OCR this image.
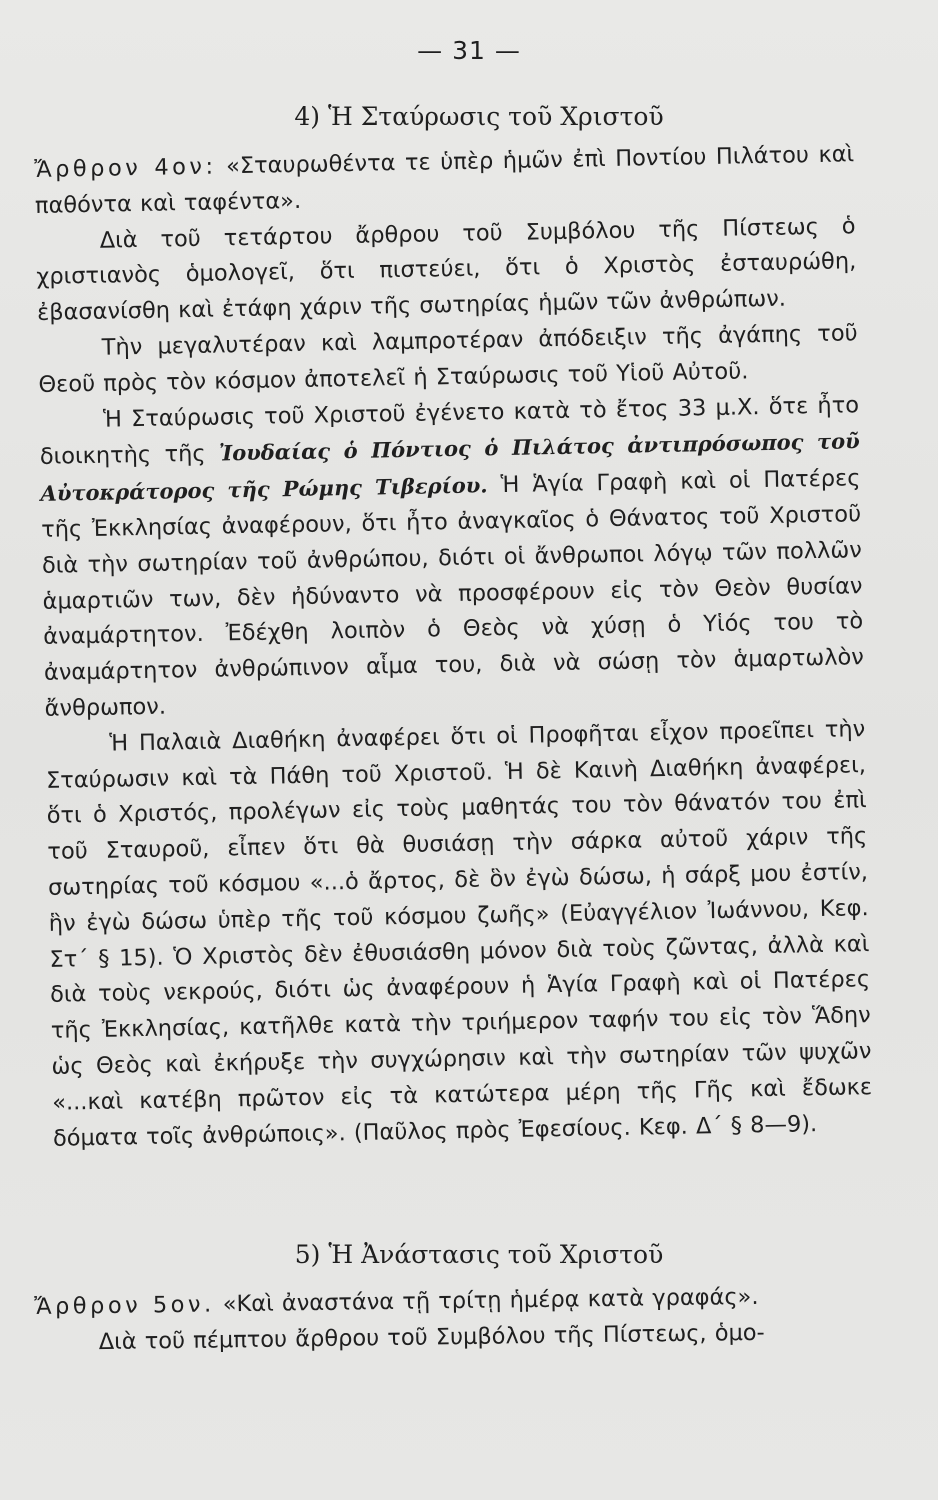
— 31 —
4) Ἡ Σταύρωσις τοῦ Χριστοῦ

Ἄρθρον 4ον: «Σταυρωθέντα τε ὑπὲρ ἡμῶν ἐπὶ Ποντίου Πιλάτου καὶ παθόντα καὶ ταφέντα».

Διὰ τοῦ τετάρτου ἄρθρου τοῦ Συμβόλου τῆς Πίστεως ὁ χριστιανὸς ὁμολογεῖ, ὅτι πιστεύει, ὅτι ὁ Χριστὸς ἐσταυρώθη, ἐβασανίσθη καὶ ἐτάφη χάριν τῆς σωτηρίας ἡμῶν τῶν ἀνθρώπων.

Τὴν μεγαλυτέραν καὶ λαμπροτέραν ἀπόδειξιν τῆς ἀγάπης τοῦ Θεοῦ πρὸς τὸν κόσμον ἀποτελεῖ ἡ Σταύρωσις τοῦ Υἱοῦ Αὐτοῦ.

Ἡ Σταύρωσις τοῦ Χριστοῦ ἐγένετο κατὰ τὸ ἔτος 33 μ.Χ. ὅτε ἦτο διοικητὴς τῆς Ἰουδαίας ὁ Πόντιος ὁ Πιλάτος ἀντιπρόσωπος τοῦ Αὐτοκράτορος τῆς Ρώμης Τιβερίου. Ἡ Ἁγία Γραφὴ καὶ οἱ Πατέρες τῆς Ἐκκλησίας ἀναφέρουν, ὅτι ἦτο ἀναγκαῖος ὁ Θάνατος τοῦ Χριστοῦ διὰ τὴν σωτηρίαν τοῦ ἀνθρώπου, διότι οἱ ἄνθρωποι λόγῳ τῶν πολλῶν ἁμαρτιῶν των, δὲν ἠδύναντο νὰ προσφέρουν εἰς τὸν Θεὸν θυσίαν ἀναμάρτητον. Ἐδέχθη λοιπὸν ὁ Θεὸς νὰ χύσῃ ὁ Υἱός του τὸ ἀναμάρτητον ἀνθρώπινον αἷμα του, διὰ νὰ σώσῃ τὸν ἁμαρτωλὸν ἄνθρωπον.

Ἡ Παλαιὰ Διαθήκη ἀναφέρει ὅτι οἱ Προφῆται εἶχον προεῖπει τὴν Σταύρωσιν καὶ τὰ Πάθη τοῦ Χριστοῦ. Ἡ δὲ Καινὴ Διαθήκη ἀναφέρει, ὅτι ὁ Χριστός, προλέγων εἰς τοὺς μαθητάς του τὸν θάνατόν του ἐπὶ τοῦ Σταυροῦ, εἶπεν ὅτι θὰ θυσιάσῃ τὴν σάρκα αὐτοῦ χάριν τῆς σωτηρίας τοῦ κόσμου «...ὁ ἄρτος, δὲ ὃν ἐγὼ δώσω, ἡ σάρξ μου ἐστίν, ἣν ἐγὼ δώσω ὑπὲρ τῆς τοῦ κόσμου ζωῆς» (Εὐαγγέλιον Ἰωάννου, Κεφ. Στ΄ § 15). Ὁ Χριστὸς δὲν ἐθυσιάσθη μόνον διὰ τοὺς ζῶντας, ἀλλὰ καὶ διὰ τοὺς νεκρούς, διότι ὡς ἀναφέρουν ἡ Ἁγία Γραφὴ καὶ οἱ Πατέρες τῆς Ἐκκλησίας, κατῆλθε κατὰ τὴν τριήμερον ταφήν του εἰς τὸν Ἅδην ὡς Θεὸς καὶ ἐκήρυξε τὴν συγχώρησιν καὶ τὴν σωτηρίαν τῶν ψυχῶν «...καὶ κατέβη πρῶτον εἰς τὰ κατώτερα μέρη τῆς Γῆς καὶ ἔδωκε δόματα τοῖς ἀνθρώποις». (Παῦλος πρὸς Ἐφεσίους. Κεφ. Δ΄ § 8—9).

5) Ἡ Ἀνάστασις τοῦ Χριστοῦ

Ἄρθρον 5ον. «Καὶ ἀναστάνα τῇ τρίτῃ ἡμέρᾳ κατὰ γραφάς».

Διὰ τοῦ πέμπτου ἄρθρου τοῦ Συμβόλου τῆς Πίστεως, ὁμο-
